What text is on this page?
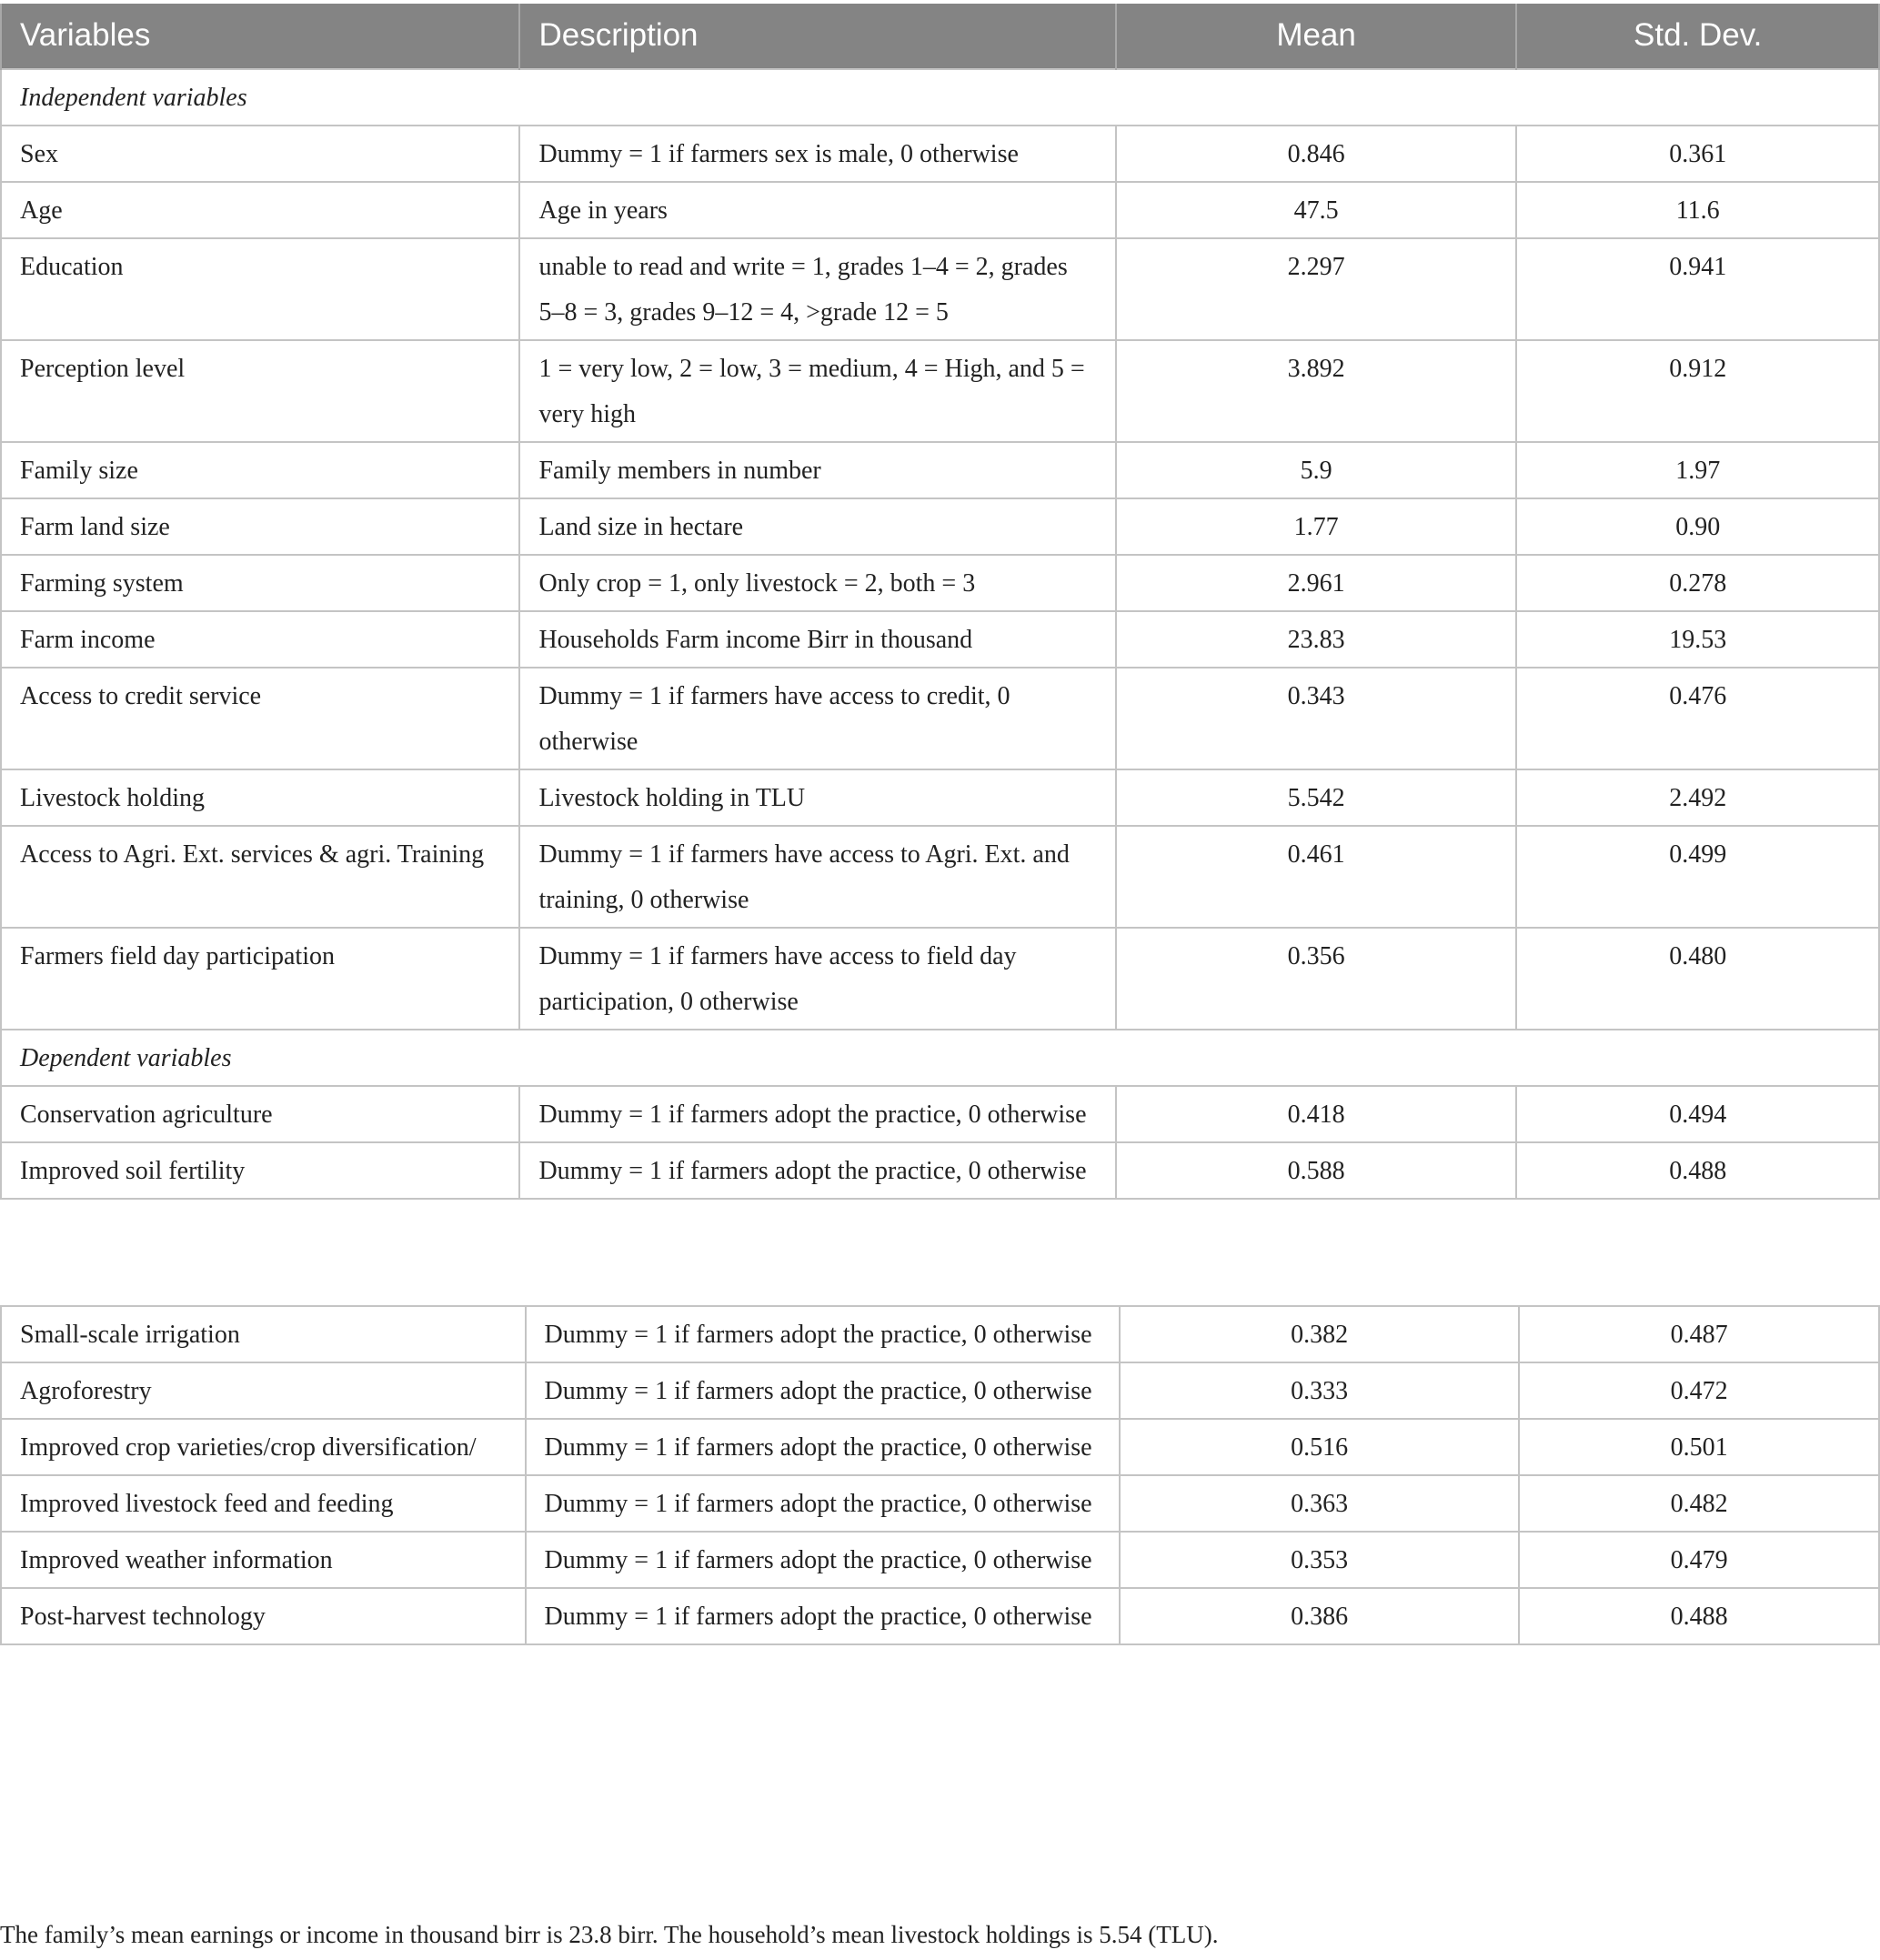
Variables	Description	Mean	Std. Dev.
Independent variables			
Sex	Dummy = 1 if farmers sex is male, 0 otherwise	0.846	0.361
Age	Age in years	47.5	11.6
Education	unable to read and write = 1, grades 1–4 = 2, grades 5–8 = 3, grades 9–12 = 4, >grade 12 = 5	2.297	0.941
Perception level	1 = very low, 2 = low, 3 = medium, 4 = High, and 5 = very high	3.892	0.912
Family size	Family members in number	5.9	1.97
Farm land size	Land size in hectare	1.77	0.90
Farming system	Only crop = 1, only livestock = 2, both = 3	2.961	0.278
Farm income	Households Farm income Birr in thousand	23.83	19.53
Access to credit service	Dummy = 1 if farmers have access to credit, 0 otherwise	0.343	0.476
Livestock holding	Livestock holding in TLU	5.542	2.492
Access to Agri. Ext. services & agri. Training	Dummy = 1 if farmers have access to Agri. Ext. and training, 0 otherwise	0.461	0.499
Farmers field day participation	Dummy = 1 if farmers have access to field day participation, 0 otherwise	0.356	0.480
Dependent variables			
Conservation agriculture	Dummy = 1 if farmers adopt the practice, 0 otherwise	0.418	0.494
Improved soil fertility	Dummy = 1 if farmers adopt the practice, 0 otherwise	0.588	0.488
Small-scale irrigation	Dummy = 1 if farmers adopt the practice, 0 otherwise	0.382	0.487
Agroforestry	Dummy = 1 if farmers adopt the practice, 0 otherwise	0.333	0.472
Improved crop varieties/crop diversification/	Dummy = 1 if farmers adopt the practice, 0 otherwise	0.516	0.501
Improved livestock feed and feeding	Dummy = 1 if farmers adopt the practice, 0 otherwise	0.363	0.482
Improved weather information	Dummy = 1 if farmers adopt the practice, 0 otherwise	0.353	0.479
Post-harvest technology	Dummy = 1 if farmers adopt the practice, 0 otherwise	0.386	0.488
The family’s mean earnings or income in thousand birr is 23.8 birr. The household’s mean livestock holdings is 5.54 (TLU).
